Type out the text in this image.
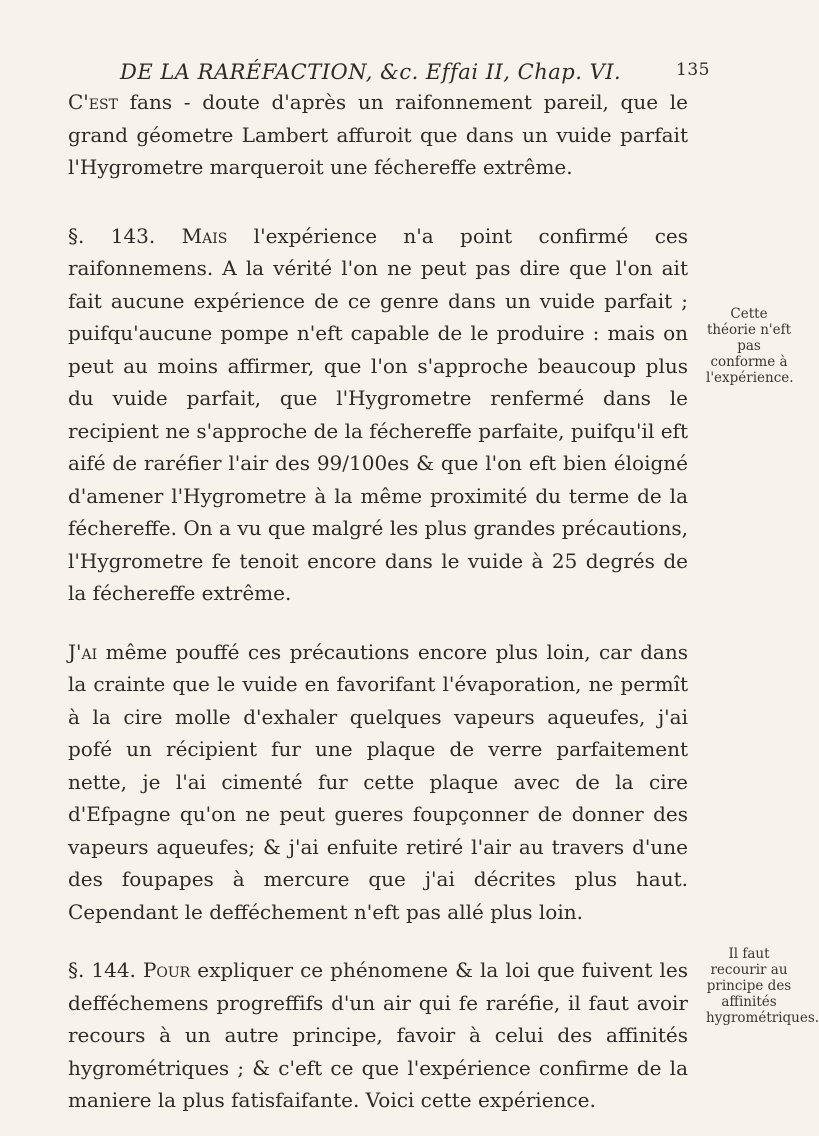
DE LA RARÉFACTION, &c. Effai II, Chap. VI.	135

C'est fans - doute d'après un raifonnement pareil, que le grand géometre Lambert affuroit que dans un vuide parfait l'Hygrometre marqueroit une féchereffe extrême.

§. 143. Mais l'expérience n'a point confirmé ces raifonnemens. A la vérité l'on ne peut pas dire que l'on ait fait aucune expérience de ce genre dans un vuide parfait ; puifqu'aucune pompe n'eft capable de le produire : mais on peut au moins affirmer, que l'on s'approche beaucoup plus du vuide parfait, que l'Hygrometre renfermé dans le recipient ne s'approche de la féchereffe parfaite, puifqu'il eft aifé de raréfier l'air des 99/100es & que l'on eft bien éloigné d'amener l'Hygrometre à la même proximité du terme de la féchereffe. On a vu que malgré les plus grandes précautions, l'Hygrometre fe tenoit encore dans le vuide à 25 degrés de la féchereffe extrême.

J'ai même pouffé ces précautions encore plus loin, car dans la crainte que le vuide en favorifant l'évaporation, ne permît à la cire molle d'exhaler quelques vapeurs aqueufes, j'ai pofé un récipient fur une plaque de verre parfaitement nette, je l'ai cimenté fur cette plaque avec de la cire d'Efpagne qu'on ne peut gueres foupçonner de donner des vapeurs aqueufes; & j'ai enfuite retiré l'air au travers d'une des foupapes à mercure que j'ai décrites plus haut. Cependant le defféchement n'eft pas allé plus loin.

§. 144. Pour expliquer ce phénomene & la loi que fuivent les defféchemens progreffifs d'un air qui fe raréfie, il faut avoir recours à un autre principe, favoir à celui des affinités hygrométriques ; & c'eft ce que l'expérience confirme de la maniere la plus fatisfaifante. Voici cette expérience.

Cette théorie n'eft pas conforme à l'expérience.
Il faut recourir au principe des affinités hygrométriques.
